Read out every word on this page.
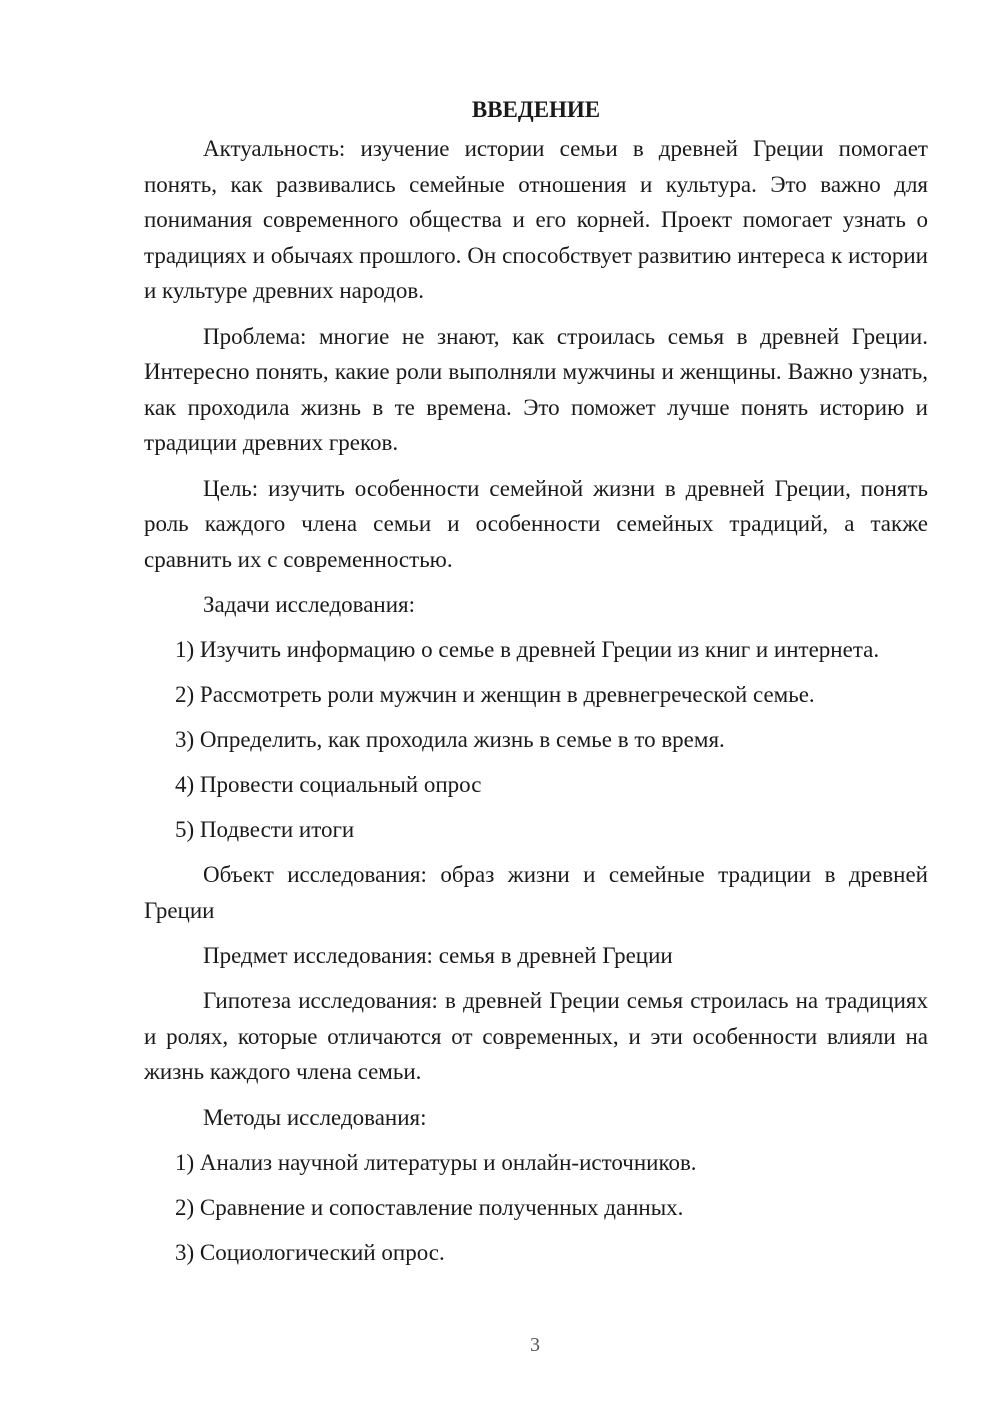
ВВЕДЕНИЕ

Актуальность: изучение истории семьи в древней Греции помогает понять, как развивались семейные отношения и культура. Это важно для понимания современного общества и его корней. Проект помогает узнать о традициях и обычаях прошлого. Он способствует развитию интереса к истории и культуре древних народов.

Проблема: многие не знают, как строилась семья в древней Греции. Интересно понять, какие роли выполняли мужчины и женщины. Важно узнать, как проходила жизнь в те времена. Это поможет лучше понять историю и традиции древних греков.

Цель: изучить особенности семейной жизни в древней Греции, понять роль каждого члена семьи и особенности семейных традиций, а также сравнить их с современностью.

Задачи исследования:

1) Изучить информацию о семье в древней Греции из книг и интернета.

2) Рассмотреть роли мужчин и женщин в древнегреческой семье.

3) Определить, как проходила жизнь в семье в то время.

4) Провести социальный опрос

5) Подвести итоги

Объект исследования: образ жизни и семейные традиции в древней Греции

Предмет исследования: семья в древней Греции

Гипотеза исследования: в древней Греции семья строилась на традициях и ролях, которые отличаются от современных, и эти особенности влияли на жизнь каждого члена семьи.

Методы исследования:

1) Анализ научной литературы и онлайн-источников.

2) Сравнение и сопоставление полученных данных.

3) Социологический опрос.

3
